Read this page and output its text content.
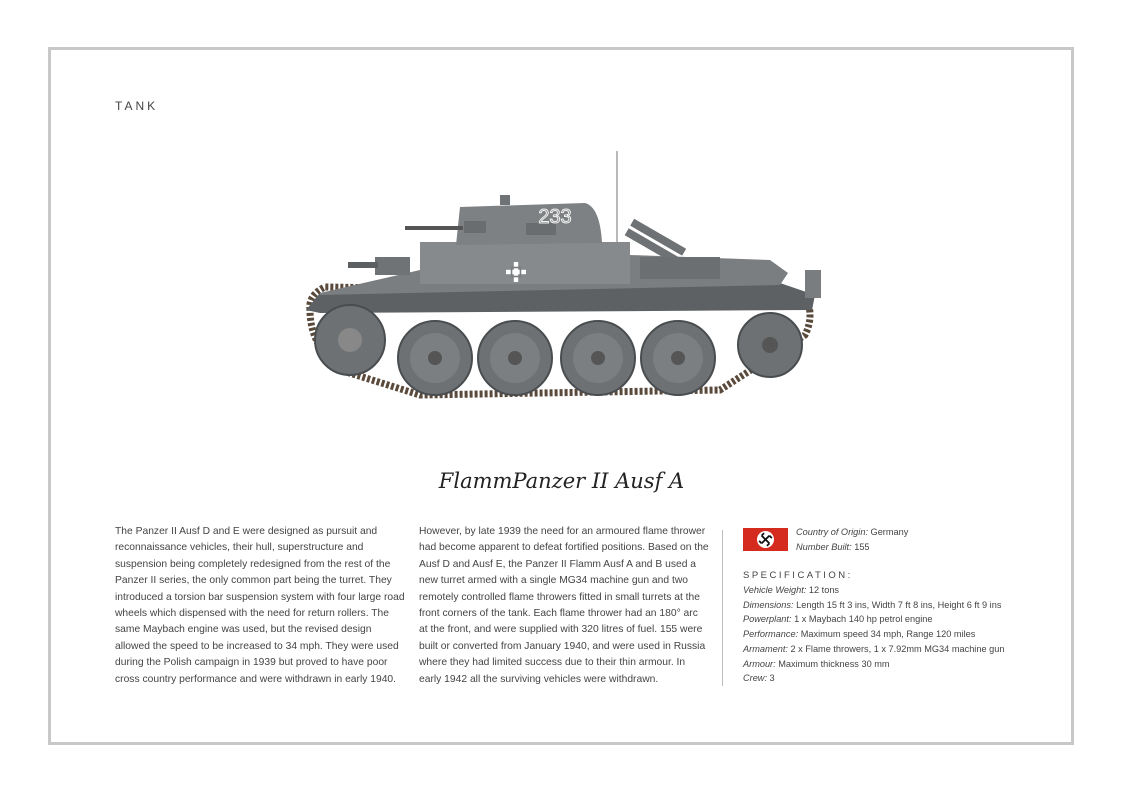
TANK
233
FlammPanzer II Ausf A
The Panzer II Ausf D and E were designed as pursuit and reconnaissance vehicles, their hull, superstructure and suspension being completely redesigned from the rest of the Panzer II series, the only common part being the turret. They introduced a torsion bar suspension system with four large road wheels which dispensed with the need for return rollers. The same Maybach engine was used, but the revised design allowed the speed to be increased to 34 mph. They were used during the Polish campaign in 1939 but proved to have poor cross country performance and were withdrawn in early 1940.
However, by late 1939 the need for an armoured flame thrower had become apparent to defeat fortified positions. Based on the Ausf D and Ausf E, the Panzer II Flamm Ausf A and B used a new turret armed with a single MG34 machine gun and two remotely controlled flame throwers fitted in small turrets at the front corners of the tank. Each flame thrower had an 180° arc at the front, and were supplied with 320 litres of fuel. 155 were built or converted from January 1940, and were used in Russia where they had limited success due to their thin armour. In early 1942 all the surviving vehicles were withdrawn.
Country of Origin: Germany
Number Built: 155
SPECIFICATION:
Vehicle Weight: 12 tons
Dimensions: Length 15 ft 3 ins, Width 7 ft 8 ins, Height 6 ft 9 ins
Powerplant: 1 x Maybach 140 hp petrol engine
Performance: Maximum speed 34 mph, Range 120 miles
Armament: 2 x Flame throwers, 1 x 7.92mm MG34 machine gun
Armour: Maximum thickness 30 mm
Crew: 3
